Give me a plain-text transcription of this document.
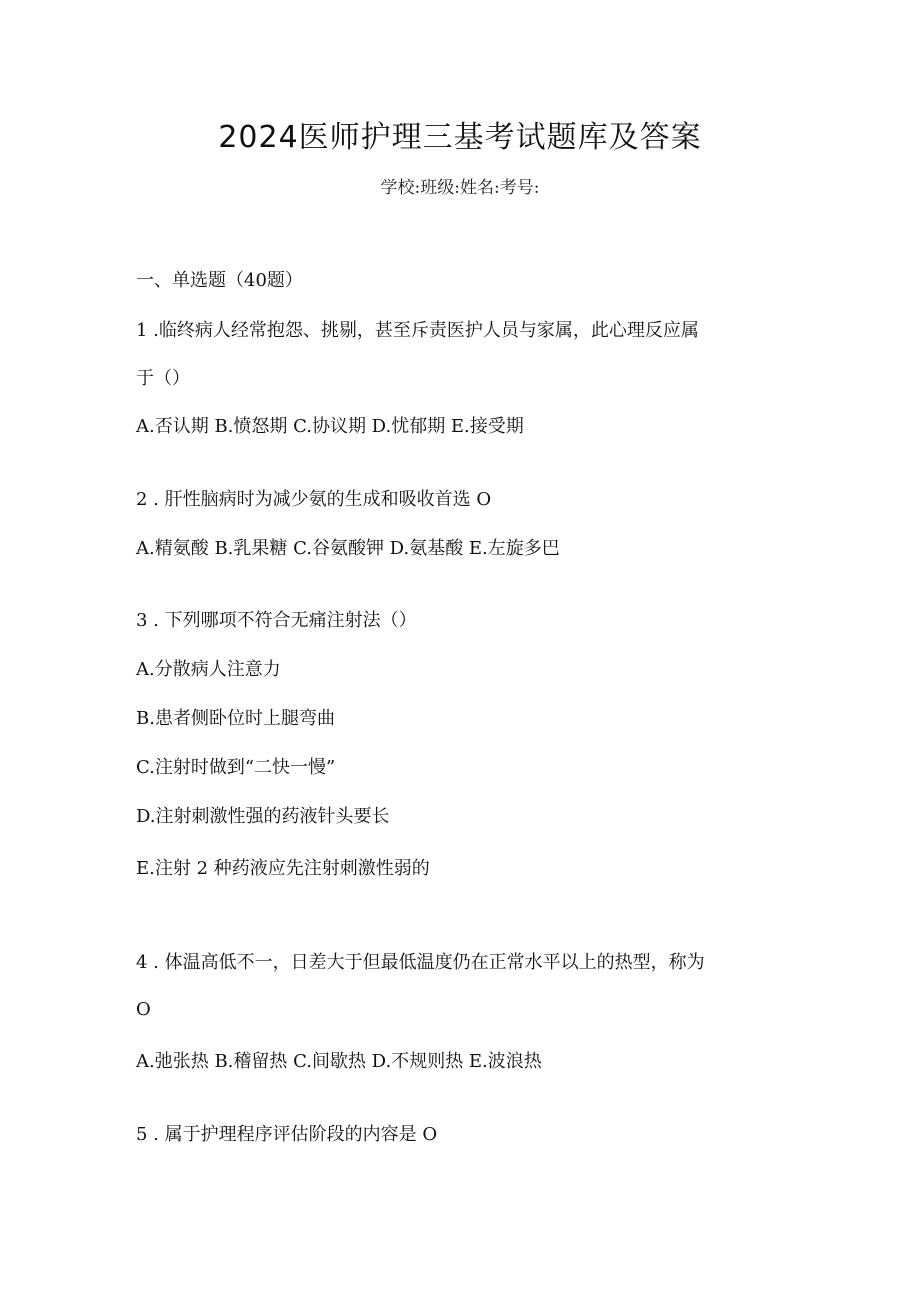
2024医师护理三基考试题库及答案
学校:班级:姓名:考号:
一、单选题（40题）
1 .临终病人经常抱怨、挑剔，甚至斥责医护人员与家属，此心理反应属
于（）
A.否认期 B.愤怒期 C.协议期 D.忧郁期 E.接受期
2 . 肝性脑病时为减少氨的生成和吸收首选 O
A.精氨酸 B.乳果糖 C.谷氨酸钾 D.氨基酸 E.左旋多巴
3 . 下列哪项不符合无痛注射法（）
A.分散病人注意力
B.患者侧卧位时上腿弯曲
C.注射时做到“二快一慢”
D.注射刺激性强的药液针头要长
E.注射 2 种药液应先注射刺激性弱的
4 . 体温高低不一，日差大于但最低温度仍在正常水平以上的热型，称为
O
A.弛张热 B.稽留热 C.间歇热 D.不规则热 E.波浪热
5 . 属于护理程序评估阶段的内容是 O
